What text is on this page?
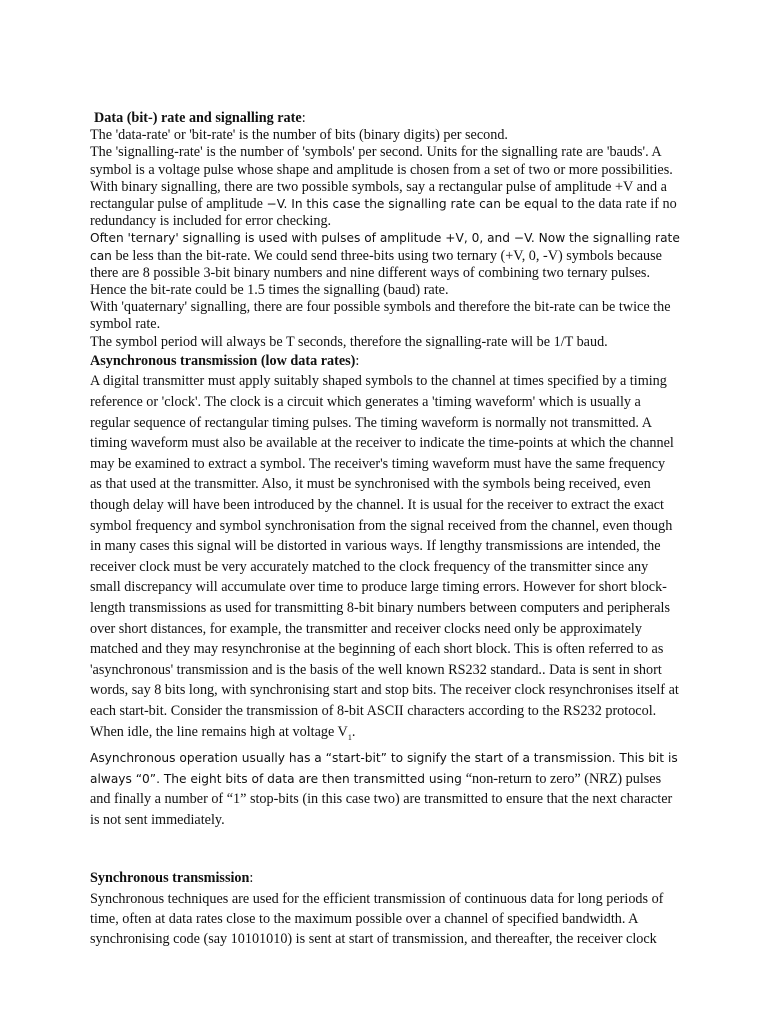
Data (bit-) rate and signalling rate:

The 'data-rate' or 'bit-rate' is the number of bits (binary digits) per second.

The 'signalling-rate' is the number of 'symbols' per second. Units for the signalling rate are 'bauds'. A symbol is a voltage pulse whose shape and amplitude is chosen from a set of two or more possibilities. With binary signalling, there are two possible symbols, say a rectangular pulse of amplitude +V and a rectangular pulse of amplitude −V. In this case the signalling rate can be equal to the data rate if no redundancy is included for error checking.

Often 'ternary' signalling is used with pulses of amplitude +V, 0, and −V. Now the signalling rate can be less than the bit-rate. We could send three-bits using two ternary (+V, 0, -V) symbols because there are 8 possible 3-bit binary numbers and nine different ways of combining two ternary pulses. Hence the bit-rate could be 1.5 times the signalling (baud) rate.

With 'quaternary' signalling, there are four possible symbols and therefore the bit-rate can be twice the symbol rate.

The symbol period will always be T seconds, therefore the signalling-rate will be 1/T baud.

Asynchronous transmission (low data rates):

A digital transmitter must apply suitably shaped symbols to the channel at times specified by a timing reference or 'clock'. The clock is a circuit which generates a 'timing waveform' which is usually a regular sequence of rectangular timing pulses. The timing waveform is normally not transmitted. A timing waveform must also be available at the receiver to indicate the time-points at which the channel may be examined to extract a symbol. The receiver's timing waveform must have the same frequency as that used at the transmitter. Also, it must be synchronised with the symbols being received, even though delay will have been introduced by the channel. It is usual for the receiver to extract the exact symbol frequency and symbol synchronisation from the signal received from the channel, even though in many cases this signal will be distorted in various ways. If lengthy transmissions are intended, the receiver clock must be very accurately matched to the clock frequency of the transmitter since any small discrepancy will accumulate over time to produce large timing errors. However for short block-length transmissions as used for transmitting 8-bit binary numbers between computers and peripherals over short distances, for example, the transmitter and receiver clocks need only be approximately matched and they may resynchronise at the beginning of each short block. This is often referred to as 'asynchronous' transmission and is the basis of the well known RS232 standard.. Data is sent in short words, say 8 bits long, with synchronising start and stop bits. The receiver clock resynchronises itself at each start-bit. Consider the transmission of 8-bit ASCII characters according to the RS232 protocol. When idle, the line remains high at voltage $V_1$.

Asynchronous operation usually has a “start-bit” to signify the start of a transmission. This bit is always “0”. The eight bits of data are then transmitted using “non-return to zero” (NRZ) pulses and finally a number of “1” stop-bits (in this case two) are transmitted to ensure that the next character is not sent immediately.

Synchronous transmission:

Synchronous techniques are used for the efficient transmission of continuous data for long periods of time, often at data rates close to the maximum possible over a channel of specified bandwidth. A synchronising code (say 10101010) is sent at start of transmission, and thereafter, the receiver clock
